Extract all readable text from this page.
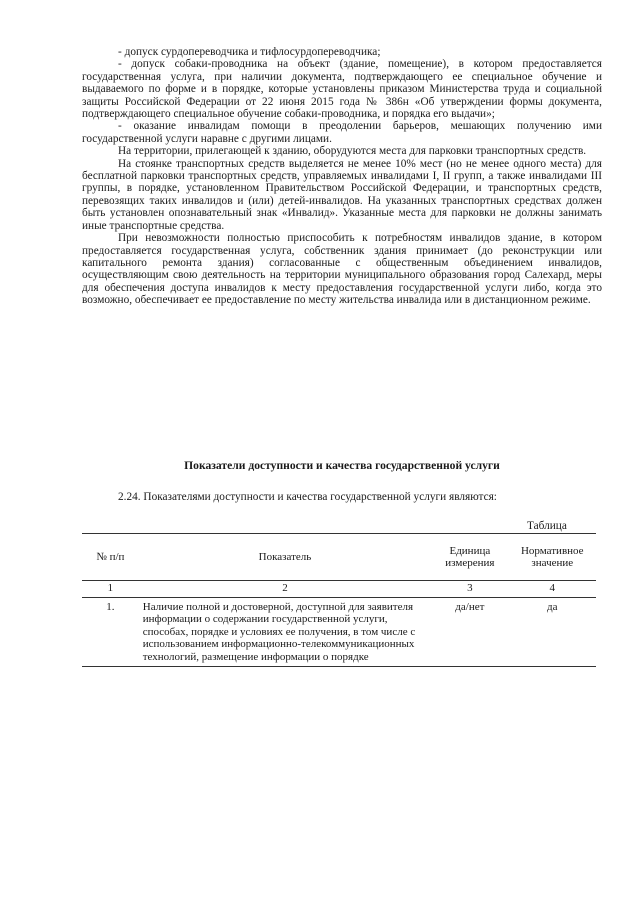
- допуск сурдопереводчика и тифлосурдопереводчика;

- допуск собаки-проводника на объект (здание, помещение), в котором предоставляется государственная услуга, при наличии документа, подтверждающего ее специальное обучение и выдаваемого по форме и в порядке, которые установлены приказом Министерства труда и социальной защиты Российской Федерации от 22 июня 2015 года № 386н «Об утверждении формы документа, подтверждающего специальное обучение собаки-проводника, и порядка его выдачи»;

- оказание инвалидам помощи в преодолении барьеров, мешающих получению ими государственной услуги наравне с другими лицами.

На территории, прилегающей к зданию, оборудуются места для парковки транспортных средств.

На стоянке транспортных средств выделяется не менее 10% мест (но не менее одного места) для бесплатной парковки транспортных средств, управляемых инвалидами I, II групп, а также инвалидами III группы, в порядке, установленном Правительством Российской Федерации, и транспортных средств, перевозящих таких инвалидов и (или) детей-инвалидов. На указанных транспортных средствах должен быть установлен опознавательный знак «Инвалид». Указанные места для парковки не должны занимать иные транспортные средства.

При невозможности полностью приспособить к потребностям инвалидов здание, в котором предоставляется государственная услуга, собственник здания принимает (до реконструкции или капитального ремонта здания) согласованные с общественным объединением инвалидов, осуществляющим свою деятельность на территории муниципального образования город Салехард, меры для обеспечения доступа инвалидов к месту предоставления государственной услуги либо, когда это возможно, обеспечивает ее предоставление по месту жительства инвалида или в дистанционном режиме.

Показатели доступности и качества государственной услуги

2.24. Показателями доступности и качества государственной услуги являются:

Таблица
№ п/п	Показатель	Единица измерения	Нормативное значение
1	2	3	4
1.	Наличие полной и достоверной, доступной для заявителя информации о содержании государственной услуги, способах, порядке и условиях ее получения, в том числе с использованием информационно-телекоммуникационных технологий, размещение информации о порядке	да/нет	да
